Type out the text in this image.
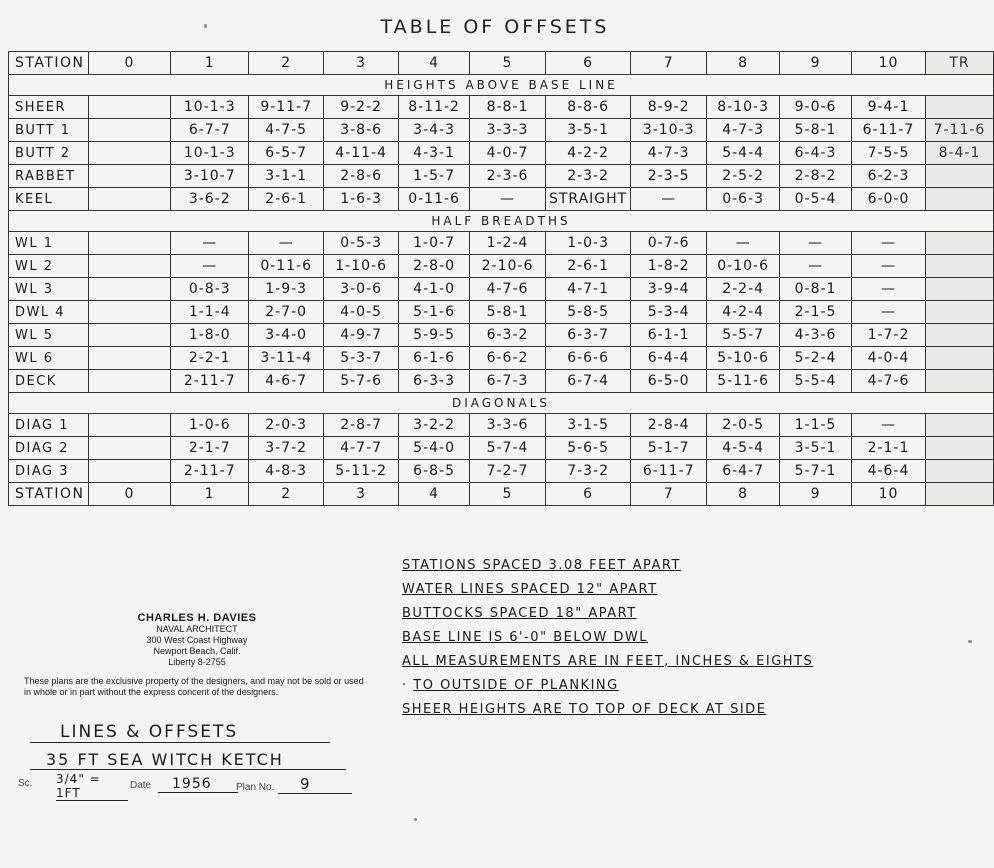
TABLE OF OFFSETS
STATION	0	1	2	3	4	5	6	7	8	9	10	TR
HEIGHTS ABOVE BASE LINE												
SHEER		10-1-3	9-11-7	9-2-2	8-11-2	8-8-1	8-8-6	8-9-2	8-10-3	9-0-6	9-4-1	
BUTT 1		6-7-7	4-7-5	3-8-6	3-4-3	3-3-3	3-5-1	3-10-3	4-7-3	5-8-1	6-11-7	7-11-6
BUTT 2		10-1-3	6-5-7	4-11-4	4-3-1	4-0-7	4-2-2	4-7-3	5-4-4	6-4-3	7-5-5	8-4-1
RABBET		3-10-7	3-1-1	2-8-6	1-5-7	2-3-6	2-3-2	2-3-5	2-5-2	2-8-2	6-2-3	
KEEL		3-6-2	2-6-1	1-6-3	0-11-6	—	STRAIGHT	—	0-6-3	0-5-4	6-0-0	
HALF BREADTHS												
WL 1		—	—	0-5-3	1-0-7	1-2-4	1-0-3	0-7-6	—	—	—	
WL 2		—	0-11-6	1-10-6	2-8-0	2-10-6	2-6-1	1-8-2	0-10-6	—	—	
WL 3		0-8-3	1-9-3	3-0-6	4-1-0	4-7-6	4-7-1	3-9-4	2-2-4	0-8-1	—	
DWL 4		1-1-4	2-7-0	4-0-5	5-1-6	5-8-1	5-8-5	5-3-4	4-2-4	2-1-5	—	
WL 5		1-8-0	3-4-0	4-9-7	5-9-5	6-3-2	6-3-7	6-1-1	5-5-7	4-3-6	1-7-2	
WL 6		2-2-1	3-11-4	5-3-7	6-1-6	6-6-2	6-6-6	6-4-4	5-10-6	5-2-4	4-0-4	
DECK		2-11-7	4-6-7	5-7-6	6-3-3	6-7-3	6-7-4	6-5-0	5-11-6	5-5-4	4-7-6	
DIAGONALS												
DIAG 1		1-0-6	2-0-3	2-8-7	3-2-2	3-3-6	3-1-5	2-8-4	2-0-5	1-1-5	—	
DIAG 2		2-1-7	3-7-2	4-7-7	5-4-0	5-7-4	5-6-5	5-1-7	4-5-4	3-5-1	2-1-1	
DIAG 3		2-11-7	4-8-3	5-11-2	6-8-5	7-2-7	7-3-2	6-11-7	6-4-7	5-7-1	4-6-4	
STATION	0	1	2	3	4	5	6	7	8	9	10	
STATIONS SPACED 3.08 FEET APART
WATER LINES SPACED 12" APART
BUTTOCKS SPACED 18" APART
BASE LINE IS 6'-0" BELOW DWL
ALL MEASUREMENTS ARE IN FEET, INCHES & EIGHTS
· TO OUTSIDE OF PLANKING
SHEER HEIGHTS ARE TO TOP OF DECK AT SIDE
CHARLES H. DAVIES
NAVAL ARCHITECT
300 West Coast Highway
Newport Beach, Calif.
Liberty 8-2755
These plans are the exclusive property of the designers, and may not be sold or used in whole or in part without the express concent of the designers.
LINES & OFFSETS
35 FT SEA WITCH KETCH
Sc. 3/4" = 1FT
Date	1956	Plan No.	9
